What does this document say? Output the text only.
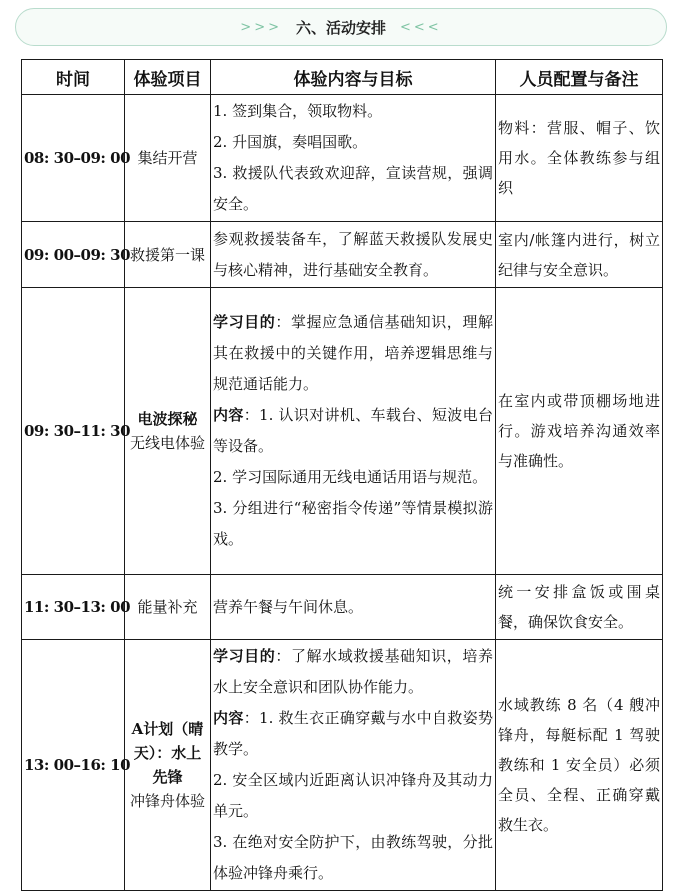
>>> 六、活动安排 <<<
时间	体验项目	体验内容与目标	人员配置与备注
08: 30–09: 00	集结开营	1. 签到集合，领取物料。
2. 升国旗，奏唱国歌。
3. 救援队代表致欢迎辞，宣读营规，强调安全。	物料：营服、帽子、饮用水。全体教练参与组织
09: 00–09: 30	救援第一课	参观救援装备车，了解蓝天救援队发展史与核心精神，进行基础安全教育。	室内/帐篷内进行，树立纪律与安全意识。
09: 30–11: 30	电波探秘
无线电体验	学习目的：掌握应急通信基础知识，理解其在救援中的关键作用，培养逻辑思维与规范通话能力。
内容：1. 认识对讲机、车载台、短波电台等设备。
2. 学习国际通用无线电通话用语与规范。
3. 分组进行“秘密指令传递”等情景模拟游戏。	在室内或带顶棚场地进行。游戏培养沟通效率与准确性。
11: 30–13: 00	能量补充	营养午餐与午间休息。	统一安排盒饭或围桌餐，确保饮食安全。
13: 00–16: 10	A计划（晴天）：水上先锋
冲锋舟体验	学习目的：了解水域救援基础知识，培养水上安全意识和团队协作能力。
内容：1. 救生衣正确穿戴与水中自救姿势教学。
2. 安全区域内近距离认识冲锋舟及其动力单元。
3. 在绝对安全防护下，由教练驾驶，分批体验冲锋舟乘行。	水域教练 8 名（4 艘冲锋舟，每艇标配 1 驾驶教练和 1 安全员）必须全员、全程、正确穿戴救生衣。
